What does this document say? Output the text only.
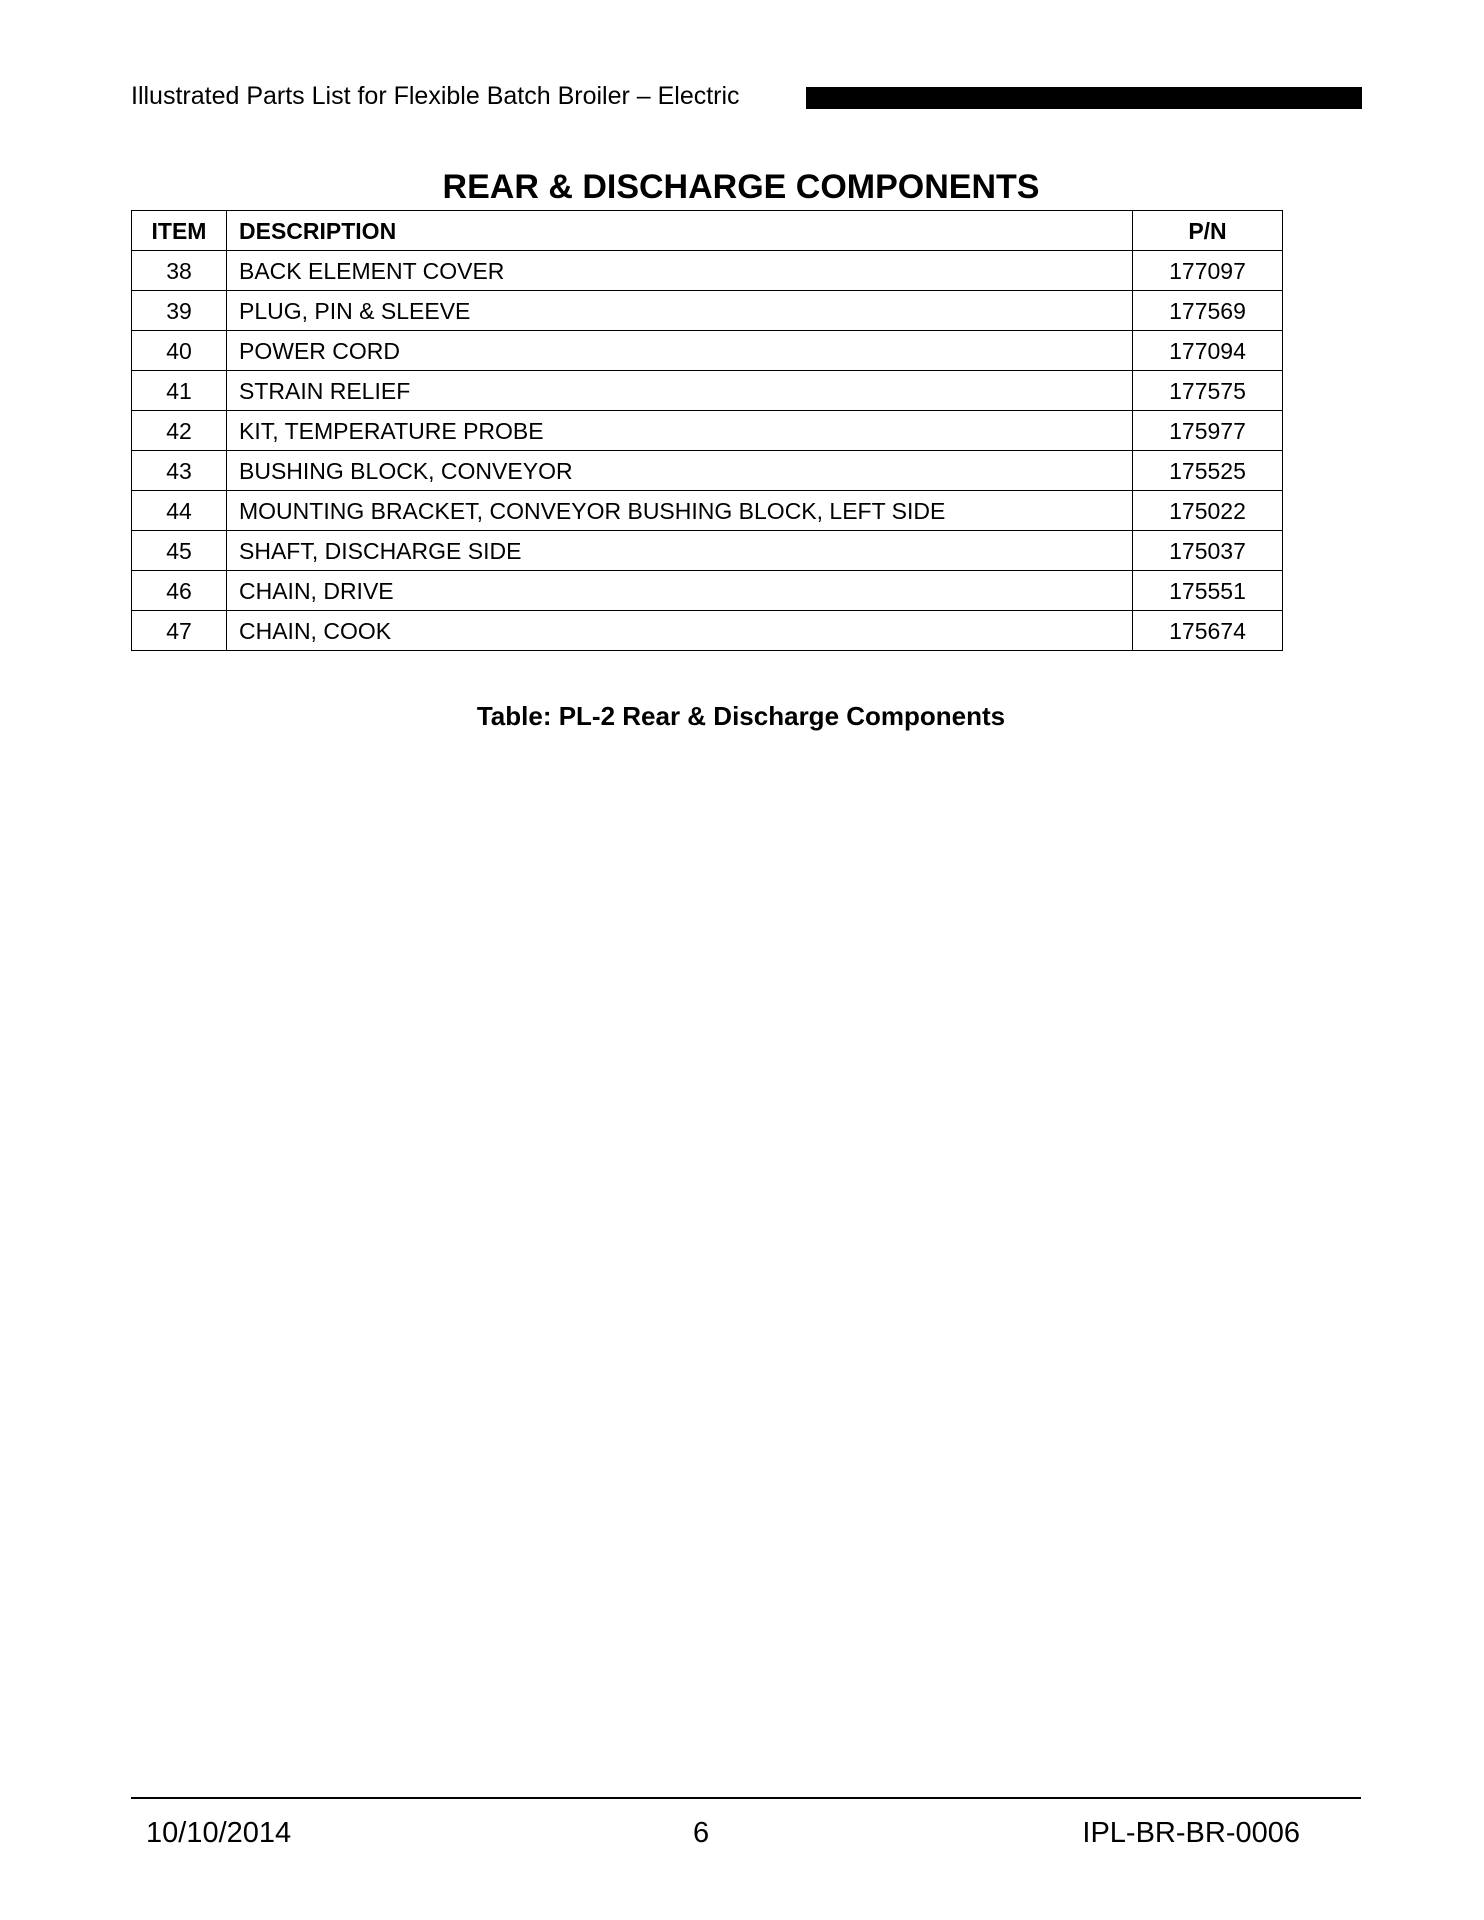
Illustrated Parts List for Flexible Batch Broiler – Electric
REAR & DISCHARGE COMPONENTS
ITEM	DESCRIPTION	P/N
38	BACK ELEMENT COVER	177097
39	PLUG, PIN & SLEEVE	177569
40	POWER CORD	177094
41	STRAIN RELIEF	177575
42	KIT, TEMPERATURE PROBE	175977
43	BUSHING BLOCK, CONVEYOR	175525
44	MOUNTING BRACKET, CONVEYOR BUSHING BLOCK, LEFT SIDE	175022
45	SHAFT, DISCHARGE SIDE	175037
46	CHAIN, DRIVE	175551
47	CHAIN, COOK	175674
Table: PL-2 Rear & Discharge Components
10/10/2014	6	IPL-BR-BR-0006
